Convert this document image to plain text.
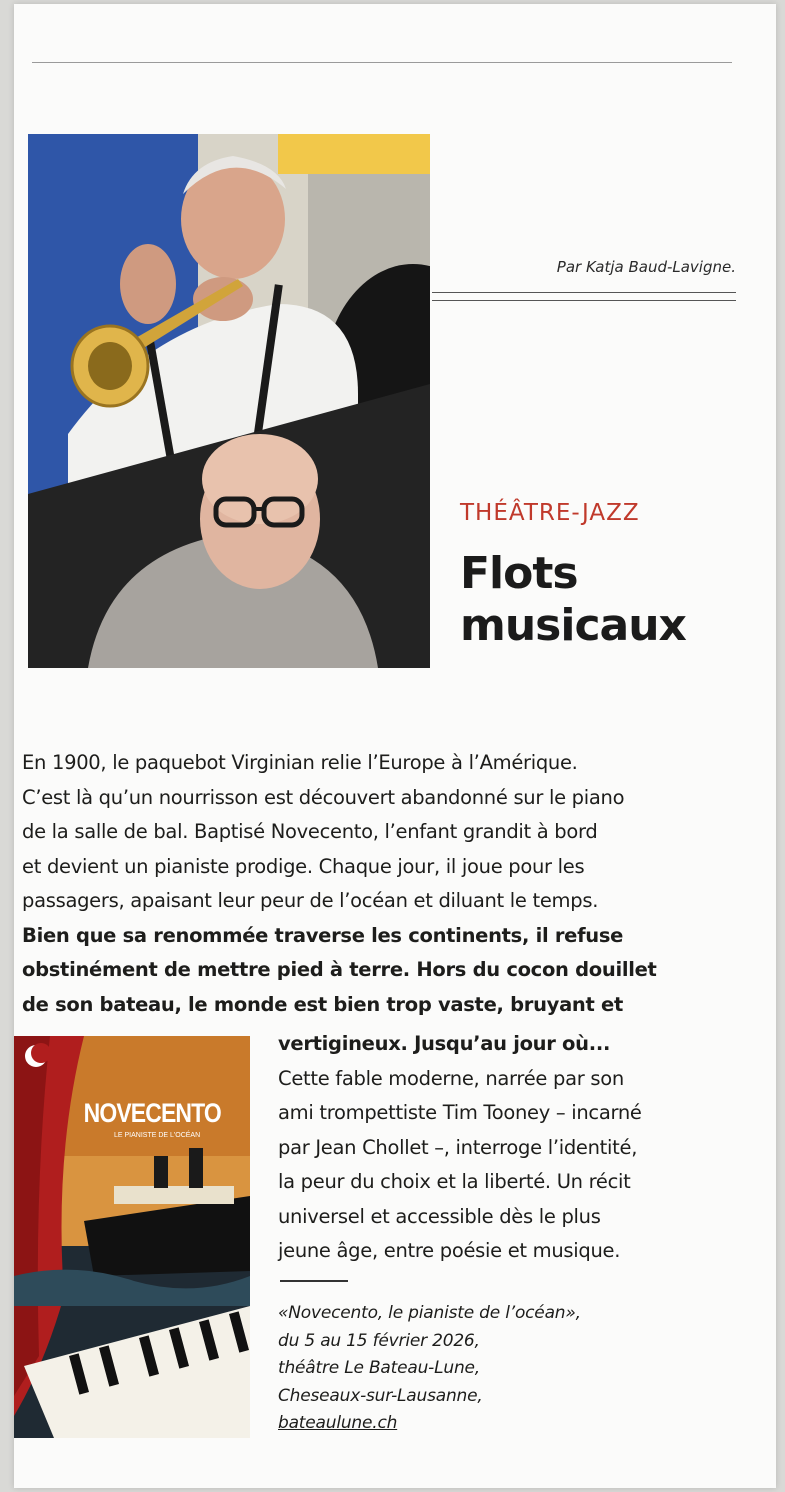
Par Katja Baud-Lavigne.
THÉÂTRE-JAZZ
Flots
musicaux

En 1900, le paquebot Virginian relie l’Europe à l’Amérique.

C’est là qu’un nourrisson est découvert abandonné sur le piano

de la salle de bal. Baptisé Novecento, l’enfant grandit à bord

et devient un pianiste prodige. Chaque jour, il joue pour les

passagers, apaisant leur peur de l’océan et diluant le temps.

Bien que sa renommée traverse les continents, il refuse

obstinément de mettre pied à terre. Hors du cocon douillet

de son bateau, le monde est bien trop vaste, bruyant et

NOVECENTO
LE PIANISTE DE L'OCÉAN

vertigineux. Jusqu’au jour où...

Cette fable moderne, narrée par son

ami trompettiste Tim Tooney – incarné

par Jean Chollet –, interroge l’identité,

la peur du choix et la liberté. Un récit

universel et accessible dès le plus

jeune âge, entre poésie et musique.

«Novecento, le pianiste de l’océan»,
du 5 au 15 février 2026,
théâtre Le Bateau-Lune,
Cheseaux-sur-Lausanne,
bateaulune.ch
